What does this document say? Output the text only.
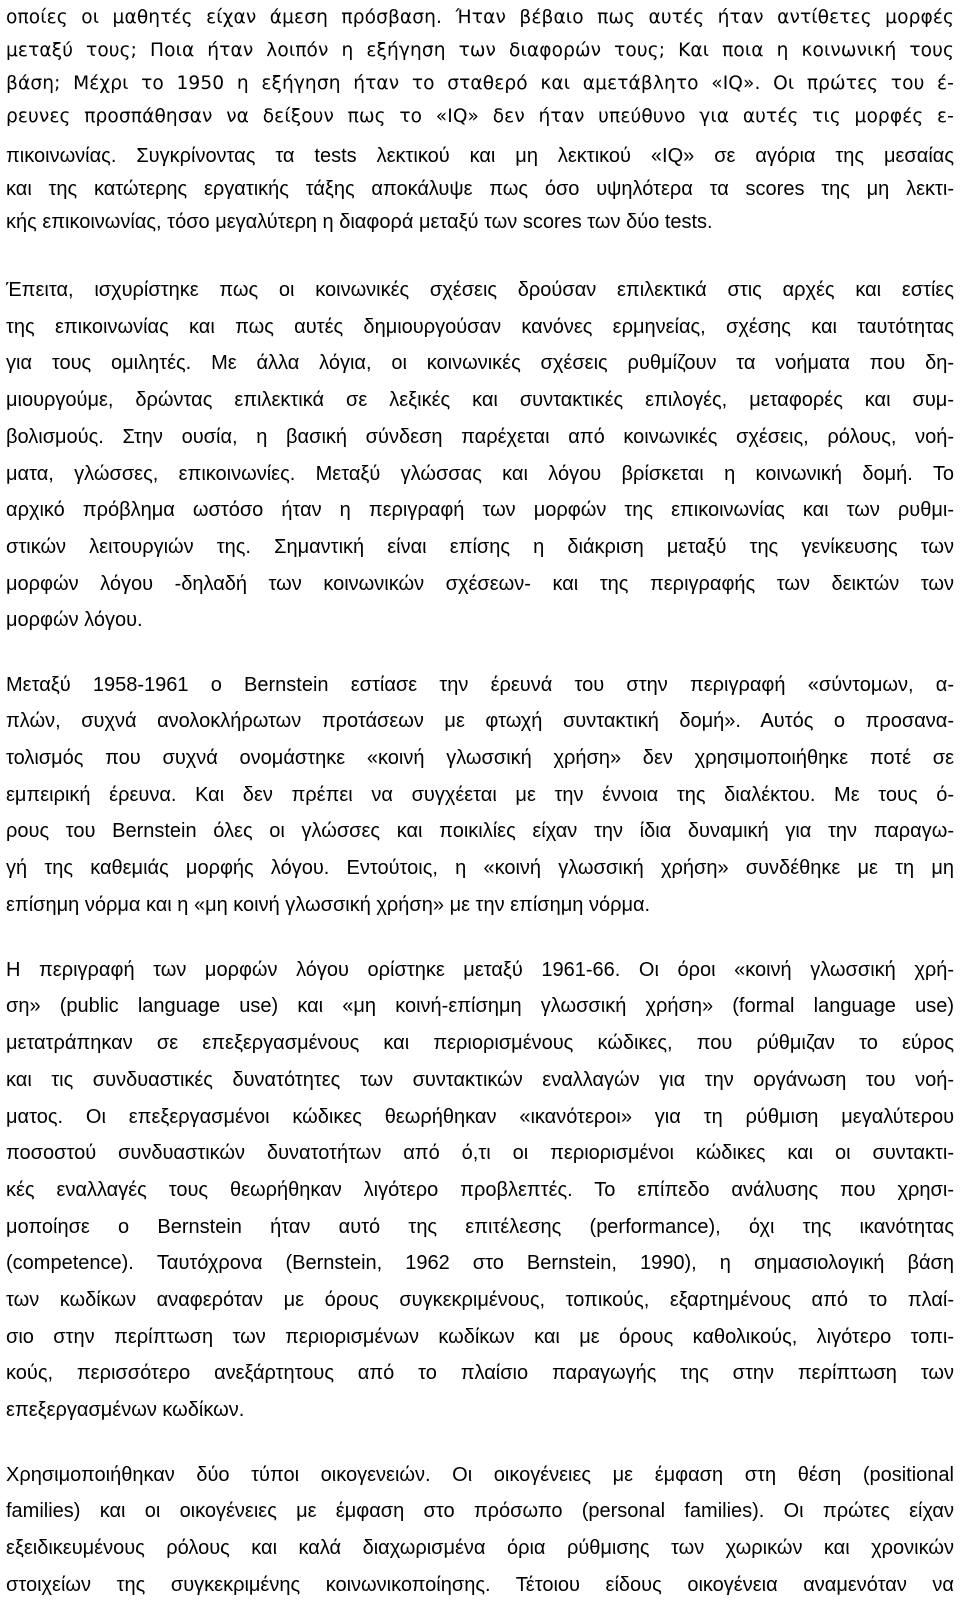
οποίες οι μαθητές είχαν άμεση πρόσβαση. Ήταν βέβαιο πως αυτές ήταν αντίθετες μορφές
μεταξύ τους; Ποια ήταν λοιπόν η εξήγηση των διαφορών τους; Και ποια η κοινωνική τους
βάση; Μέχρι το 1950 η εξήγηση ήταν το σταθερό και αμετάβλητο «IQ». Οι πρώτες του έ-
ρευνες προσπάθησαν να δείξουν πως το «IQ» δεν ήταν υπεύθυνο για αυτές τις μορφές ε-
πικοινωνίας. Συγκρίνοντας τα tests λεκτικού και μη λεκτικού «IQ» σε αγόρια της μεσαίας
και της κατώτερης εργατικής τάξης αποκάλυψε πως όσο υψηλότερα τα scores της μη λεκτι-
κής επικοινωνίας, τόσο μεγαλύτερη η διαφορά μεταξύ των scores των δύο tests.
Έπειτα, ισχυρίστηκε πως οι κοινωνικές σχέσεις δρούσαν επιλεκτικά στις αρχές και εστίες
της επικοινωνίας και πως αυτές δημιουργούσαν κανόνες ερμηνείας, σχέσης και ταυτότητας
για τους ομιλητές. Με άλλα λόγια, οι κοινωνικές σχέσεις ρυθμίζουν τα νοήματα που δη-
μιουργούμε, δρώντας επιλεκτικά σε λεξικές και συντακτικές επιλογές, μεταφορές και συμ-
βολισμούς. Στην ουσία, η βασική σύνδεση παρέχεται από κοινωνικές σχέσεις, ρόλους, νοή-
ματα, γλώσσες, επικοινωνίες. Μεταξύ γλώσσας και λόγου βρίσκεται η κοινωνική δομή. Το
αρχικό πρόβλημα ωστόσο ήταν η περιγραφή των μορφών της επικοινωνίας και των ρυθμι-
στικών λειτουργιών της. Σημαντική είναι επίσης η διάκριση μεταξύ της γενίκευσης των
μορφών λόγου -δηλαδή των κοινωνικών σχέσεων- και της περιγραφής των δεικτών των
μορφών λόγου.
Μεταξύ 1958-1961 ο Bernstein εστίασε την έρευνά του στην περιγραφή «σύντομων, α-
πλών, συχνά ανολοκλήρωτων προτάσεων με φτωχή συντακτική δομή». Αυτός ο προσανα-
τολισμός που συχνά ονομάστηκε «κοινή γλωσσική χρήση» δεν χρησιμοποιήθηκε ποτέ σε
εμπειρική έρευνα. Και δεν πρέπει να συγχέεται με την έννοια της διαλέκτου. Με τους ό-
ρους του Bernstein όλες οι γλώσσες και ποικιλίες είχαν την ίδια δυναμική για την παραγω-
γή της καθεμιάς μορφής λόγου. Εντούτοις, η «κοινή γλωσσική χρήση» συνδέθηκε με τη μη
επίσημη νόρμα και η «μη κοινή γλωσσική χρήση» με την επίσημη νόρμα.
Η περιγραφή των μορφών λόγου ορίστηκε μεταξύ 1961-66. Οι όροι «κοινή γλωσσική χρή-
ση» (public language use) και «μη κοινή-επίσημη γλωσσική χρήση» (formal language use)
μετατράπηκαν σε επεξεργασμένους και περιορισμένους κώδικες, που ρύθμιζαν το εύρος
και τις συνδυαστικές δυνατότητες των συντακτικών εναλλαγών για την οργάνωση του νοή-
ματος. Οι επεξεργασμένοι κώδικες θεωρήθηκαν «ικανότεροι» για τη ρύθμιση μεγαλύτερου
ποσοστού συνδυαστικών δυνατοτήτων από ό,τι οι περιορισμένοι κώδικες και οι συντακτι-
κές εναλλαγές τους θεωρήθηκαν λιγότερο προβλεπτές. Το επίπεδο ανάλυσης που χρησι-
μοποίησε ο Bernstein ήταν αυτό της επιτέλεσης (performance), όχι της ικανότητας
(competence). Ταυτόχρονα (Bernstein, 1962 στο Bernstein, 1990), η σημασιολογική βάση
των κωδίκων αναφερόταν με όρους συγκεκριμένους, τοπικούς, εξαρτημένους από το πλαί-
σιο στην περίπτωση των περιορισμένων κωδίκων και με όρους καθολικούς, λιγότερο τοπι-
κούς, περισσότερο ανεξάρτητους από το πλαίσιο παραγωγής της στην περίπτωση των
επεξεργασμένων κωδίκων.
Χρησιμοποιήθηκαν δύο τύποι οικογενειών. Οι οικογένειες με έμφαση στη θέση (positional
families) και οι οικογένειες με έμφαση στο πρόσωπο (personal families). Οι πρώτες είχαν
εξειδικευμένους ρόλους και καλά διαχωρισμένα όρια ρύθμισης των χωρικών και χρονικών
στοιχείων της συγκεκριμένης κοινωνικοποίησης. Τέτοιου είδους οικογένεια αναμενόταν να
